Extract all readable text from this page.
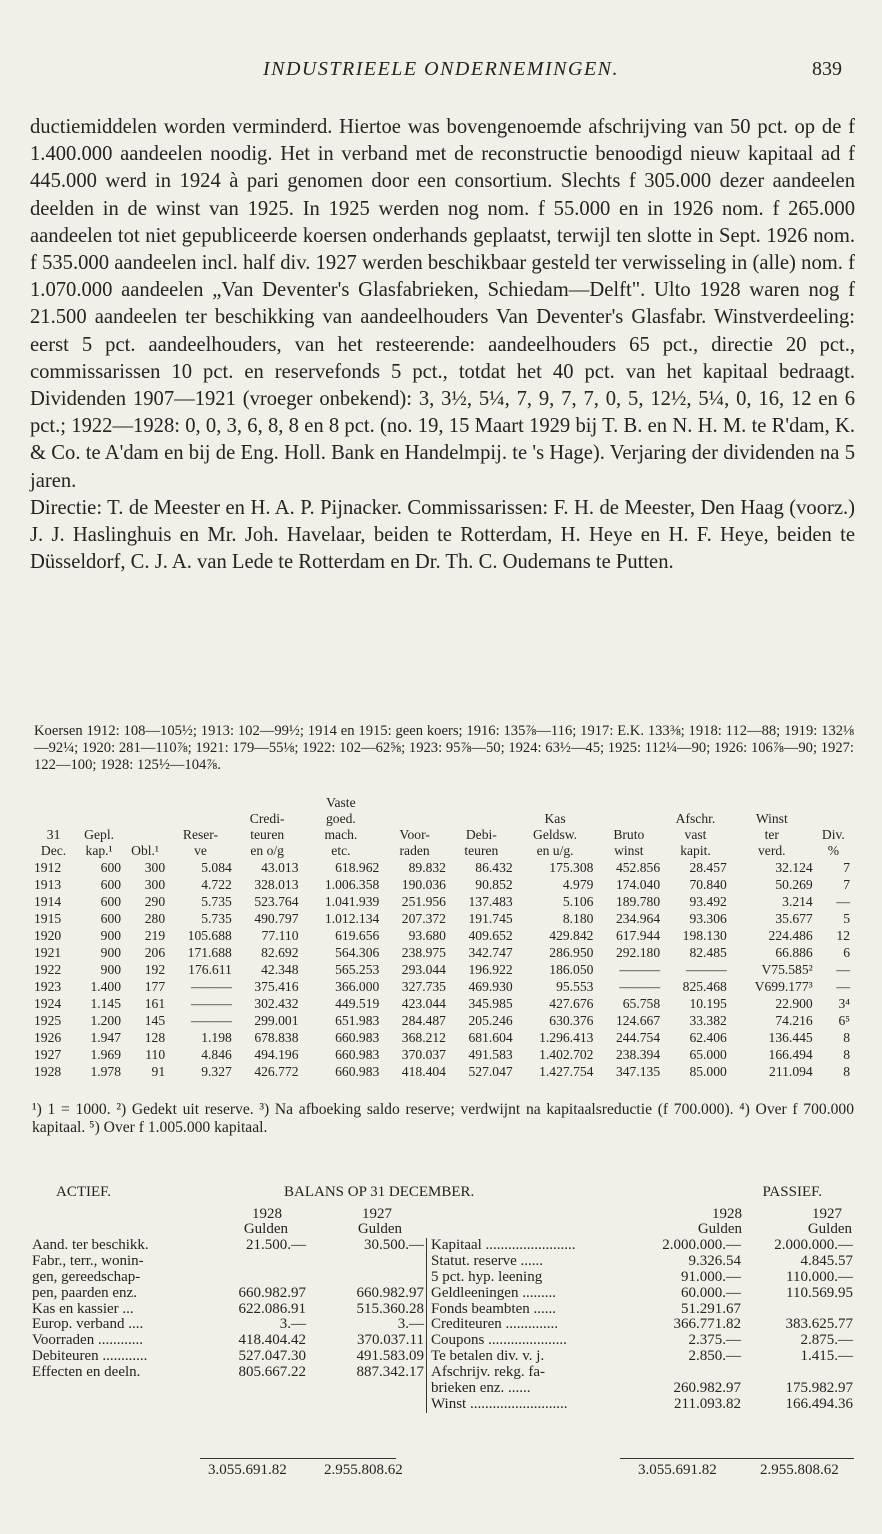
INDUSTRIEELE ONDERNEMINGEN.	839

ductiemiddelen worden verminderd. Hiertoe was bovengenoemde afschrijving van 50 pct. op de f 1.400.000 aandeelen noodig. Het in verband met de reconstructie benoodigd nieuw kapitaal ad f 445.000 werd in 1924 à pari genomen door een consortium. Slechts f 305.000 dezer aandeelen deelden in de winst van 1925. In 1925 werden nog nom. f 55.000 en in 1926 nom. f 265.000 aandeelen tot niet gepubliceerde koersen onderhands geplaatst, terwijl ten slotte in Sept. 1926 nom. f 535.000 aandeelen incl. half div. 1927 werden beschikbaar gesteld ter verwisseling in (alle) nom. f 1.070.000 aandeelen „Van Deventer's Glasfabrieken, Schiedam—Delft". Ulto 1928 waren nog f 21.500 aandeelen ter beschikking van aandeelhouders Van Deventer's Glasfabr. Winstverdeeling: eerst 5 pct. aandeelhouders, van het resteerende: aandeelhouders 65 pct., directie 20 pct., commissarissen 10 pct. en reservefonds 5 pct., totdat het 40 pct. van het kapitaal bedraagt. Dividenden 1907—1921 (vroeger onbekend): 3, 3½, 5¼, 7, 9, 7, 7, 0, 5, 12½, 5¼, 0, 16, 12 en 6 pct.; 1922—1928: 0, 0, 3, 6, 8, 8 en 8 pct. (no. 19, 15 Maart 1929 bij T. B. en N. H. M. te R'dam, K. & Co. te A'dam en bij de Eng. Holl. Bank en Handelmpij. te 's Hage). Verjaring der dividenden na 5 jaren.

Directie: T. de Meester en H. A. P. Pijnacker. Commissarissen: F. H. de Meester, Den Haag (voorz.) J. J. Haslinghuis en Mr. Joh. Havelaar, beiden te Rotterdam, H. Heye en H. F. Heye, beiden te Düsseldorf, C. J. A. van Lede te Rotterdam en Dr. Th. C. Oudemans te Putten.

Koersen 1912: 108—105½; 1913: 102—99½; 1914 en 1915: geen koers; 1916: 135⅞—116; 1917: E.K. 133⅜; 1918: 112—88; 1919: 132⅛—92¼; 1920: 281—110⅞; 1921: 179—55⅛; 1922: 102—62⅝; 1923: 95⅞—50; 1924: 63½—45; 1925: 112¼—90; 1926: 106⅞—90; 1927: 122—100; 1928: 125½—104⅞.
					Vaste							
				Credi-	goed.			Kas		Afschr.	Winst	
31	Gepl.		Reser-	teuren	mach.	Voor-	Debi-	Geldsw.	Bruto	vast	ter	Div.
Dec.	kap.¹	Obl.¹	ve	en o/g	etc.	raden	teuren	en u/g.	winst	kapit.	verd.	%
1912	600	300	5.084	43.013	618.962	89.832	86.432	175.308	452.856	28.457	32.124	7
1913	600	300	4.722	328.013	1.006.358	190.036	90.852	4.979	174.040	70.840	50.269	7
1914	600	290	5.735	523.764	1.041.939	251.956	137.483	5.106	189.780	93.492	3.214	—
1915	600	280	5.735	490.797	1.012.134	207.372	191.745	8.180	234.964	93.306	35.677	5
1920	900	219	105.688	77.110	619.656	93.680	409.652	429.842	617.944	198.130	224.486	12
1921	900	206	171.688	82.692	564.306	238.975	342.747	286.950	292.180	82.485	66.886	6
1922	900	192	176.611	42.348	565.253	293.044	196.922	186.050	———	———	V75.585²	—
1923	1.400	177	———	375.416	366.000	327.735	469.930	95.553	———	825.468	V699.177³	—
1924	1.145	161	———	302.432	449.519	423.044	345.985	427.676	65.758	10.195	22.900	3⁴
1925	1.200	145	———	299.001	651.983	284.487	205.246	630.376	124.667	33.382	74.216	6⁵
1926	1.947	128	1.198	678.838	660.983	368.212	681.604	1.296.413	244.754	62.406	136.445	8
1927	1.969	110	4.846	494.196	660.983	370.037	491.583	1.402.702	238.394	65.000	166.494	8
1928	1.978	91	9.327	426.772	660.983	418.404	527.047	1.427.754	347.135	85.000	211.094	8
¹) 1 = 1000. ²) Gedekt uit reserve. ³) Na afboeking saldo reserve; verdwijnt na kapitaalsreductie (f 700.000). ⁴) Over f 700.000 kapitaal. ⁵) Over f 1.005.000 kapitaal.
ACTIEF.	BALANS OP 31 DECEMBER.	PASSIEF.
1928
Gulden
1927
Gulden
1928
Gulden
1927
Gulden
Aand. ter beschikk.	21.500.—	30.500.—
Fabr., terr., wonin-
gen, gereedschap-
pen, paarden enz.	660.982.97	660.982.97
Kas en kassier ...	622.086.91	515.360.28
Europ. verband ....	3.—	3.—
Voorraden ............	418.404.42	370.037.11
Debiteuren ............	527.047.30	491.583.09
Effecten en deeln.	805.667.22	887.342.17
Kapitaal ........................	2.000.000.— 2.000.000.—
Statut. reserve ......	9.326.54	4.845.57
5 pct. hyp. leening	91.000.—	110.000.—
Geldleeningen .........	60.000.—	110.569.95
Fonds beambten ......	51.291.67
Crediteuren ..............	366.771.82	383.625.77
Coupons .....................	2.375.—	2.875.—
Te betalen div. v. j.	2.850.—	1.415.—
Afschrijv. rekg. fa-
brieken enz. ......	260.982.97	175.982.97
Winst ..........................	211.093.82	166.494.36
3.055.691.82 2.955.808.62	3.055.691.82	2.955.808.62
